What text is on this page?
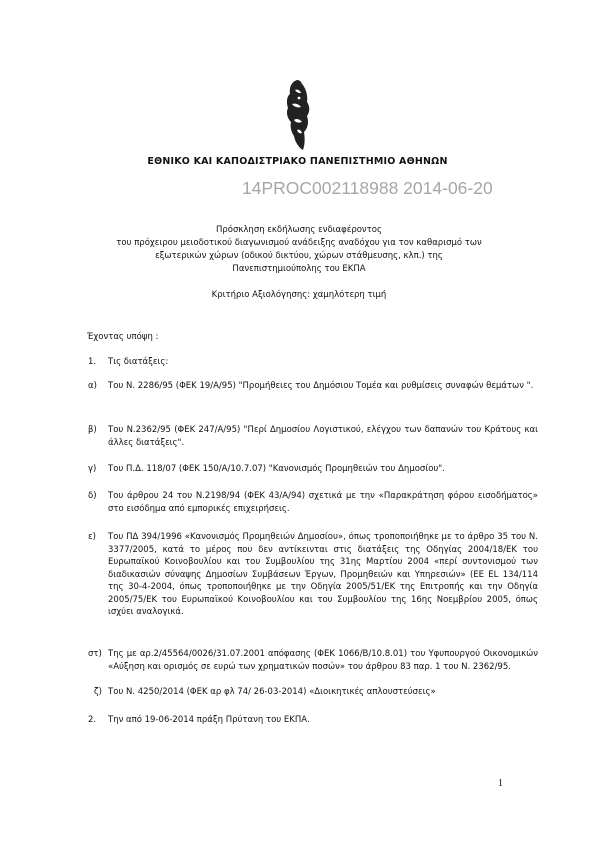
ΕΘΝΙΚΟ ΚΑΙ ΚΑΠΟΔΙΣΤΡΙΑΚΟ ΠΑΝΕΠΙΣΤΗΜΙΟ ΑΘΗΝΩΝ
14PROC002118988 2014-06-20
Πρόσκληση εκδήλωσης ενδιαφέροντος
του πρόχειρου μειοδοτικού διαγωνισμού ανάδειξης αναδόχου για τον καθαρισμό των
εξωτερικών χώρων (οδικού δικτύου, χώρων στάθμευσης, κλπ.) της
Πανεπιστημιούπολης του ΕΚΠΑ
Κριτήριο Αξιολόγησης: χαμηλότερη τιμή
Έχοντας υπόψη :
1. Τις διατάξεις:
α) Του Ν. 2286/95 (ΦΕΚ 19/Α/95) "Προμήθειες του Δημόσιου Τομέα και ρυθμίσεις συναφών θεμάτων ".
β) Του Ν.2362/95 (ΦΕΚ 247/Α/95) "Περί Δημοσίου Λογιστικού, ελέγχου των δαπανών του Κράτους και άλλες διατάξεις".
γ) Του Π.Δ. 118/07 (ΦΕΚ 150/Α/10.7.07) "Κανονισμός Προμηθειών του Δημοσίου".
δ) Του άρθρου 24 του Ν.2198/94 (ΦΕΚ 43/Α/94) σχετικά με την «Παρακράτηση φόρου εισοδήματος» στο εισόδημα από εμπορικές επιχειρήσεις.
ε) Του ΠΔ 394/1996 «Κανονισμός Προμηθειών Δημοσίου», όπως τροποποιήθηκε με το άρθρο 35 του Ν. 3377/2005, κατά το μέρος που δεν αντίκεινται στις διατάξεις της Οδηγίας 2004/18/ΕΚ του Ευρωπαϊκού Κοινοβουλίου και του Συμβουλίου της 31ης Μαρτίου 2004 «περί συντονισμού των διαδικασιών σύναψης Δημοσίων Συμβάσεων Έργων, Προμηθειών και Υπηρεσιών» (EE EL 134/114 της 30-4-2004, όπως τροποποιήθηκε με την Οδηγία 2005/51/ΕΚ της Επιτροπής και την Οδηγία 2005/75/ΕΚ του Ευρωπαϊκού Κοινοβουλίου και του Συμβουλίου της 16ης Νοεμβρίου 2005, όπως ισχύει αναλογικά.
στ) Της με αρ.2/45564/0026/31.07.2001 απόφασης (ΦΕΚ 1066/Β/10.8.01) του Υφυπουργού Οικονομικών «Αύξηση και ορισμός σε ευρώ των χρηματικών ποσών» του άρθρου 83 παρ. 1 του Ν. 2362/95.
ζ) Του Ν. 4250/2014 (ΦΕΚ αρ φλ 74/ 26-03-2014) «Διοικητικές απλουστεύσεις»
2. Την από 19-06-2014 πράξη Πρύτανη του ΕΚΠΑ.
1
